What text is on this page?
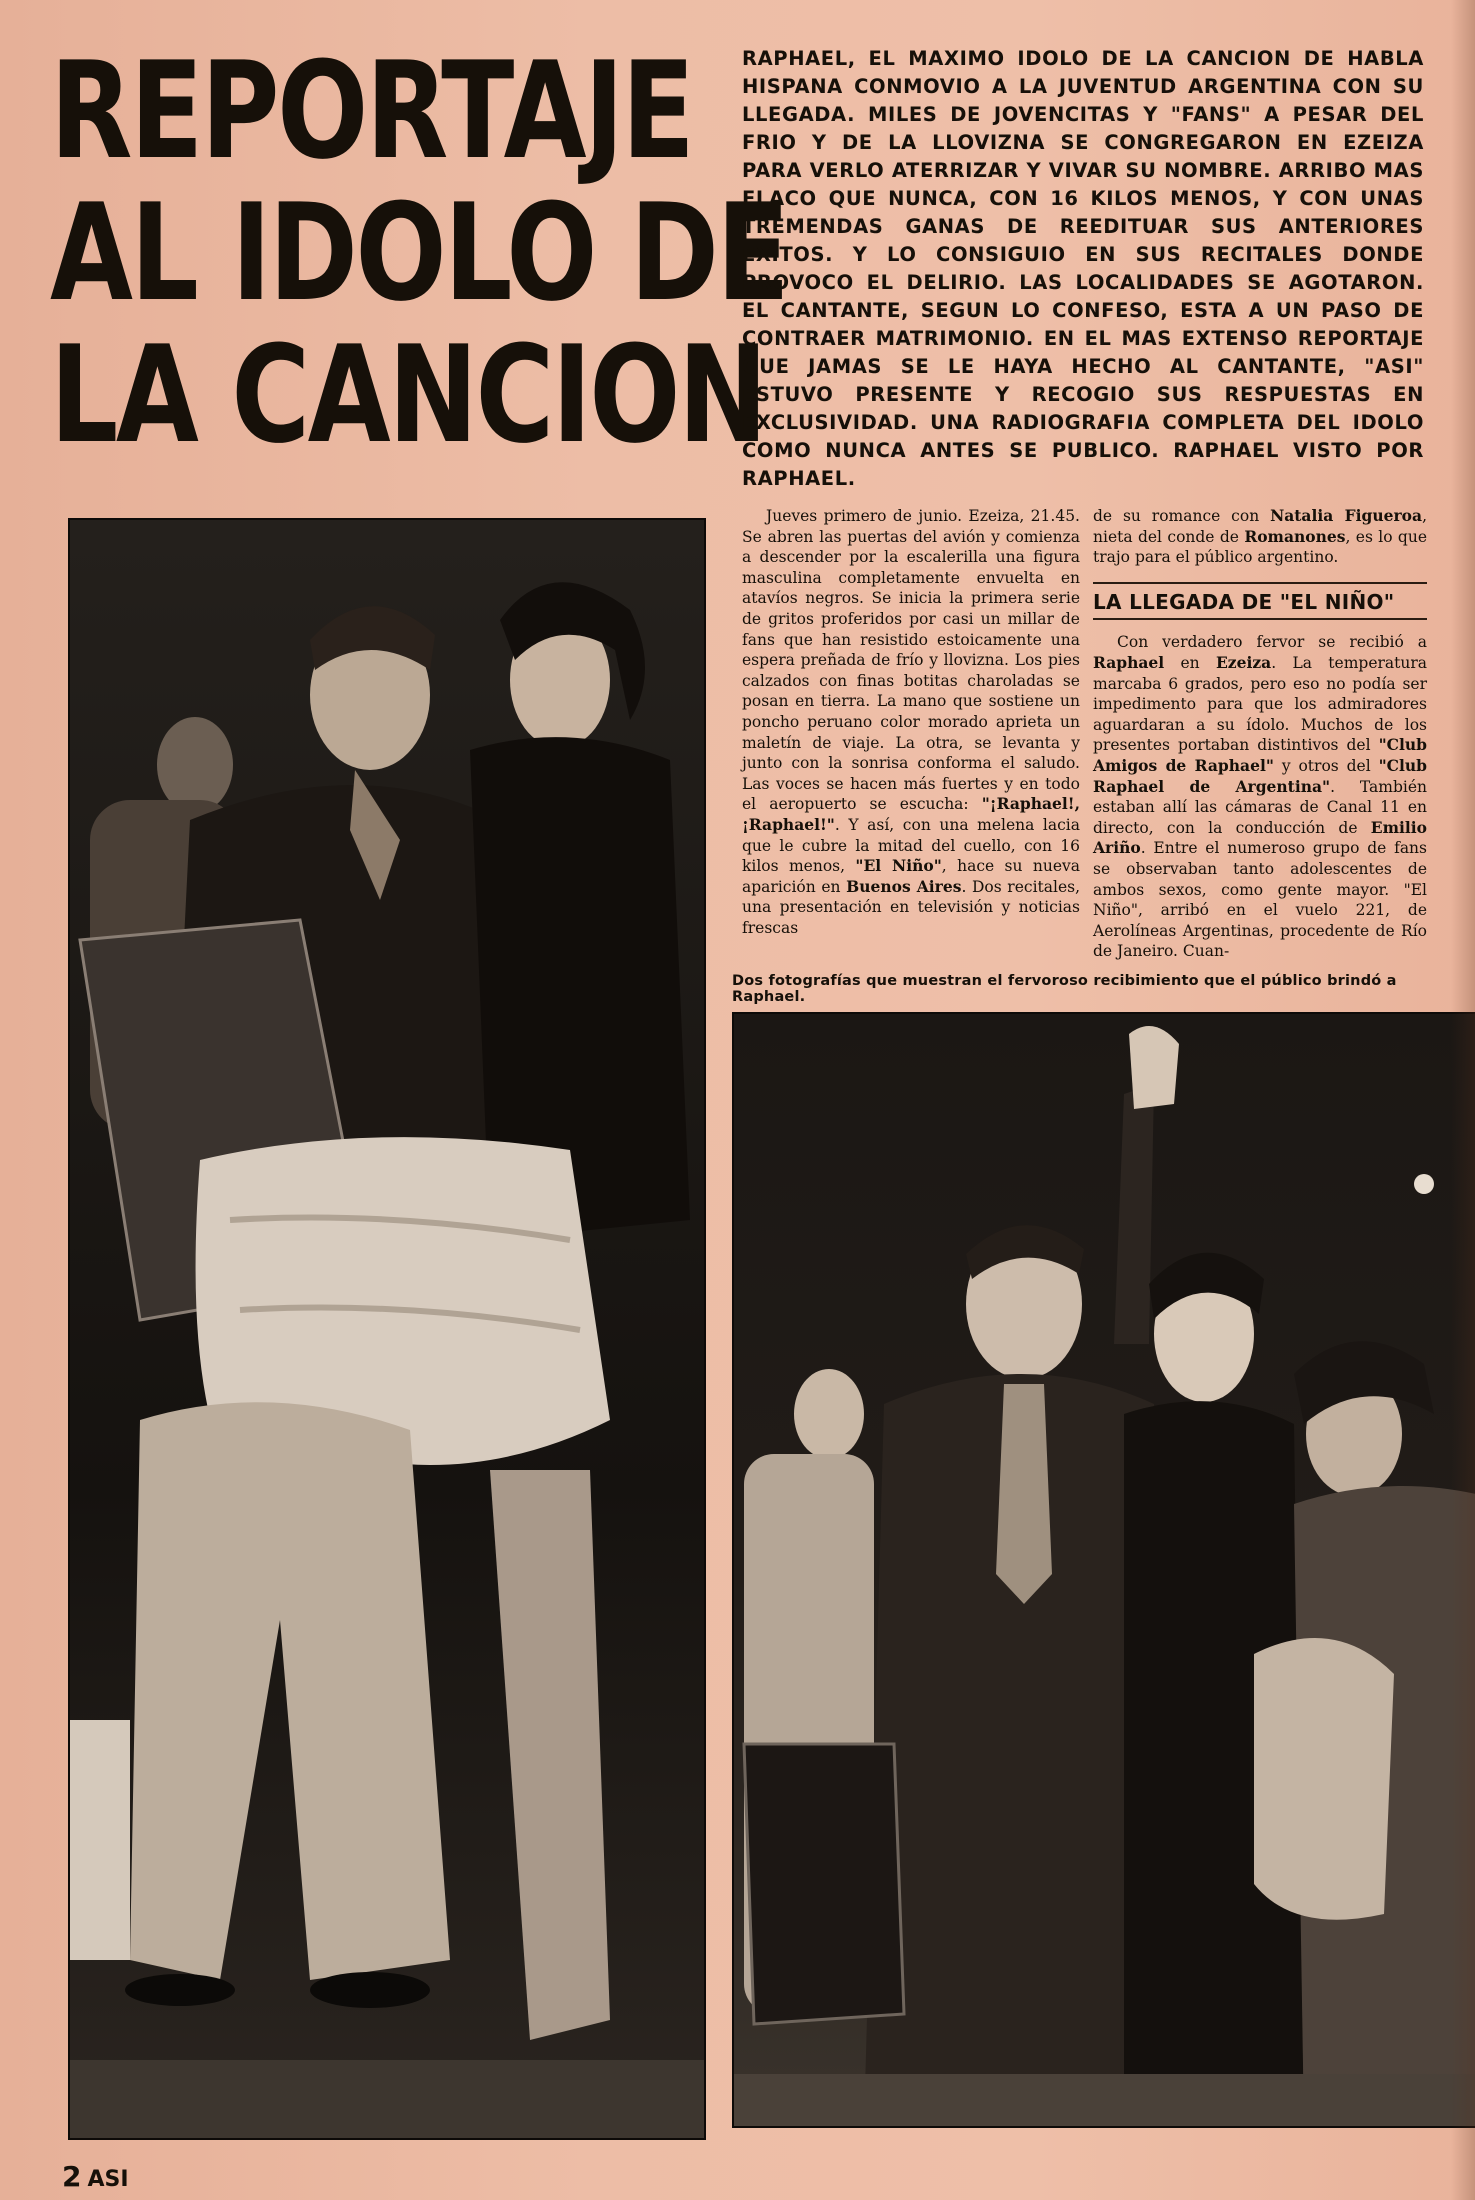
REPORTAJE
AL IDOLO DE
LA CANCION

RAPHAEL, EL MAXIMO IDOLO DE LA CANCION DE HABLA HISPANA CONMOVIO A LA JUVENTUD ARGENTINA CON SU LLEGADA. MILES DE JOVENCITAS Y "FANS" A PESAR DEL FRIO Y DE LA LLOVIZNA SE CONGREGARON EN EZEIZA PARA VERLO ATERRIZAR Y VIVAR SU NOMBRE. ARRIBO MAS FLACO QUE NUNCA, CON 16 KILOS MENOS, Y CON UNAS TREMENDAS GANAS DE REEDITUAR SUS ANTERIORES EXITOS. Y LO CONSIGUIO EN SUS RECITALES DONDE PROVOCO EL DELIRIO. LAS LOCALIDADES SE AGOTARON. EL CANTANTE, SEGUN LO CONFESO, ESTA A UN PASO DE CONTRAER MATRIMONIO. EN EL MAS EXTENSO REPORTAJE QUE JAMAS SE LE HAYA HECHO AL CANTANTE, "ASI" ESTUVO PRESENTE Y RECOGIO SUS RESPUESTAS EN EXCLUSIVIDAD. UNA RADIOGRAFIA COMPLETA DEL IDOLO COMO NUNCA ANTES SE PUBLICO. RAPHAEL VISTO POR RAPHAEL.

Jueves primero de junio. Ezeiza, 21.45. Se abren las puertas del avión y comienza a descender por la escalerilla una figura masculina completamente envuelta en atavíos negros. Se inicia la primera serie de gritos proferidos por casi un millar de fans que han resistido estoicamente una espera preñada de frío y llovizna. Los pies calzados con finas botitas charoladas se posan en tierra. La mano que sostiene un poncho peruano color morado aprieta un maletín de viaje. La otra, se levanta y junto con la sonrisa conforma el saludo. Las voces se hacen más fuertes y en todo el aeropuerto se escucha: "¡Raphael!, ¡Raphael!". Y así, con una melena lacia que le cubre la mitad del cuello, con 16 kilos menos, "El Niño", hace su nueva aparición en Buenos Aires. Dos recitales, una presentación en televisión y noticias frescas

de su romance con Natalia Figueroa, nieta del conde de Romanones, es lo que trajo para el público argentino.

LA LLEGADA DE "EL NIÑO"

Con verdadero fervor se recibió a Raphael en Ezeiza. La temperatura marcaba 6 grados, pero eso no podía ser impedimento para que los admiradores aguardaran a su ídolo. Muchos de los presentes portaban distintivos del "Club Amigos de Raphael" y otros del "Club Raphael de Argentina". También estaban allí las cámaras de Canal 11 en directo, con la conducción de Emilio Ariño. Entre el numeroso grupo de fans se observaban tanto adolescentes de ambos sexos, como gente mayor. "El Niño", arribó en el vuelo 221, de Aerolíneas Argentinas, procedente de Río de Janeiro. Cuan-

Dos fotografías que muestran el fervoroso recibimiento que el público brindó a Raphael.
2 ASI
